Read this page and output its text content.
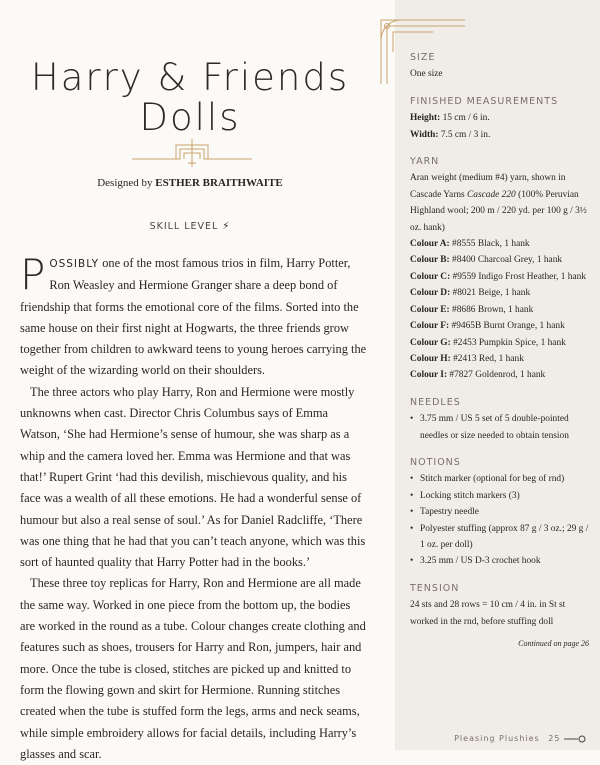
Harry & Friends
Dolls
Designed by ESTHER BRAITHWAITE
SKILL LEVEL ⚡

POSSIBLY one of the most famous trios in film, Harry Potter, Ron Weasley and Hermione Granger share a deep bond of friendship that forms the emotional core of the films. Sorted into the same house on their first night at Hogwarts, the three friends grow together from children to awkward teens to young heroes carrying the weight of the wizarding world on their shoulders.

The three actors who play Harry, Ron and Hermione were mostly unknowns when cast. Director Chris Columbus says of Emma Watson, ‘She had Hermione’s sense of humour, she was sharp as a whip and the camera loved her. Emma was Hermione and that was that!’ Rupert Grint ‘had this devilish, mischievous quality, and his face was a wealth of all these emotions. He had a wonderful sense of humour but also a real sense of soul.’ As for Daniel Radcliffe, ‘There was one thing that he had that you can’t teach anyone, which was this sort of haunted quality that Harry Potter had in the books.’

These three toy replicas for Harry, Ron and Hermione are all made the same way. Worked in one piece from the bottom up, the bodies are worked in the round as a tube. Colour changes create clothing and features such as shoes, trousers for Harry and Ron, jumpers, hair and more. Once the tube is closed, stitches are picked up and knitted to form the flowing gown and skirt for Hermione. Running stitches created when the tube is stuffed form the legs, arms and neck seams, while simple embroidery allows for facial details, including Harry’s glasses and scar.

SIZE
One size
FINISHED MEASUREMENTS
Height: 15 cm / 6 in.
Width: 7.5 cm / 3 in.
YARN
Aran weight (medium #4) yarn, shown in Cascade Yarns Cascade 220 (100% Peruvian Highland wool; 200 m / 220 yd. per 100 g / 3½ oz. hank)
Colour A: #8555 Black, 1 hank
Colour B: #8400 Charcoal Grey, 1 hank
Colour C: #9559 Indigo Frost Heather, 1 hank
Colour D: #8021 Beige, 1 hank
Colour E: #8686 Brown, 1 hank
Colour F: #9465B Burnt Orange, 1 hank
Colour G: #2453 Pumpkin Spice, 1 hank
Colour H: #2413 Red, 1 hank
Colour I: #7827 Goldenrod, 1 hank
NEEDLES
• 3.75 mm / US 5 set of 5 double-pointed needles or size needed to obtain tension
NOTIONS
• Stitch marker (optional for beg of rnd)
• Locking stitch markers (3)
• Tapestry needle
• Polyester stuffing (approx 87 g / 3 oz.; 29 g / 1 oz. per doll)
• 3.25 mm / US D-3 crochet hook
TENSION
24 sts and 28 rows = 10 cm / 4 in. in St st worked in the rnd, before stuffing doll
Continued on page 26
Pleasing Plushies 25
